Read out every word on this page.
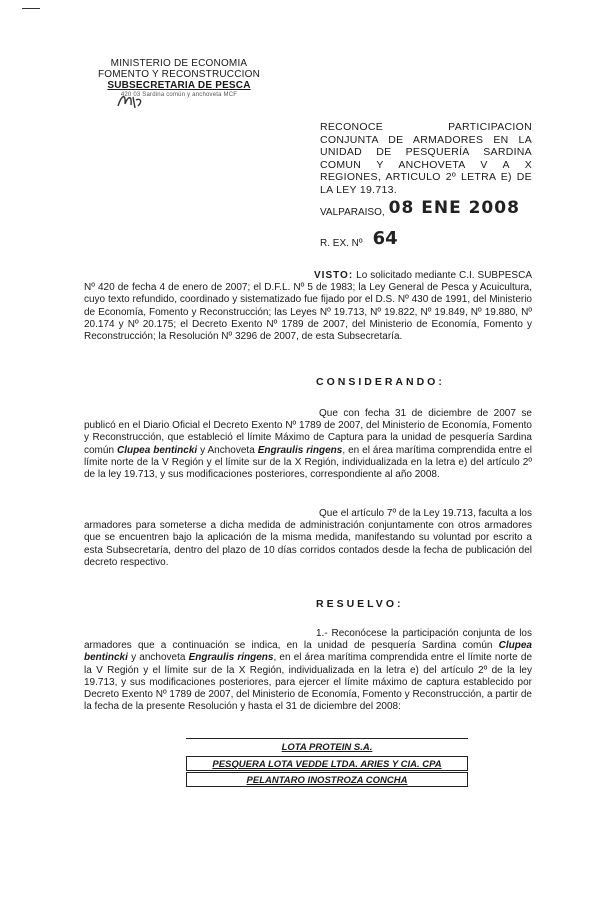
MINISTERIO DE ECONOMIA
FOMENTO Y RECONSTRUCCION
SUBSECRETARIA DE PESCA
420 03 Sardina común y anchoveta MCF
RECONOCE PARTICIPACION CONJUNTA DE ARMADORES EN LA UNIDAD DE PESQUERÍA SARDINA COMUN Y ANCHOVETA V A X REGIONES, ARTICULO 2º LETRA E) DE LA LEY 19.713.
VALPARAISO, 08 ENE 2008
R. EX. Nº 64
VISTO: Lo solicitado mediante C.I. SUBPESCA Nº 420 de fecha 4 de enero de 2007; el D.F.L. Nº 5 de 1983; la Ley General de Pesca y Acuicultura, cuyo texto refundido, coordinado y sistematizado fue fijado por el D.S. Nº 430 de 1991, del Ministerio de Economía, Fomento y Reconstrucción; las Leyes Nº 19.713, Nº 19.822, Nº 19.849, Nº 19.880, Nº 20.174 y Nº 20.175; el Decreto Exento Nº 1789 de 2007, del Ministerio de Economía, Fomento y Reconstrucción; la Resolución Nº 3296 de 2007, de esta Subsecretaría.
CONSIDERANDO:
Que con fecha 31 de diciembre de 2007 se publicó en el Diario Oficial el Decreto Exento Nº 1789 de 2007, del Ministerio de Economía, Fomento y Reconstrucción, que estableció el límite Máximo de Captura para la unidad de pesquería Sardina común Clupea bentincki y Anchoveta Engraulis ringens, en el área marítima comprendida entre el límite norte de la V Región y el límite sur de la X Región, individualizada en la letra e) del artículo 2º de la ley 19.713, y sus modificaciones posteriores, correspondiente al año 2008.
Que el artículo 7º de la Ley 19.713, faculta a los armadores para someterse a dicha medida de administración conjuntamente con otros armadores que se encuentren bajo la aplicación de la misma medida, manifestando su voluntad por escrito a esta Subsecretaría, dentro del plazo de 10 días corridos contados desde la fecha de publicación del decreto respectivo.
RESUELVO:
1.- Reconócese la participación conjunta de los armadores que a continuación se indica, en la unidad de pesquería Sardina común Clupea bentincki y anchoveta Engraulis ringens, en el área marítima comprendida entre el límite norte de la V Región y el límite sur de la X Región, individualizada en la letra e) del artículo 2º de la ley 19.713, y sus modificaciones posteriores, para ejercer el límite máximo de captura establecido por Decreto Exento Nº 1789 de 2007, del Ministerio de Economía, Fomento y Reconstrucción, a partir de la fecha de la presente Resolución y hasta el 31 de diciembre del 2008:
LOTA PROTEIN S.A.
PESQUERA LOTA VEDDE LTDA. ARIES Y CIA. CPA
PELANTARO INOSTROZA CONCHA
